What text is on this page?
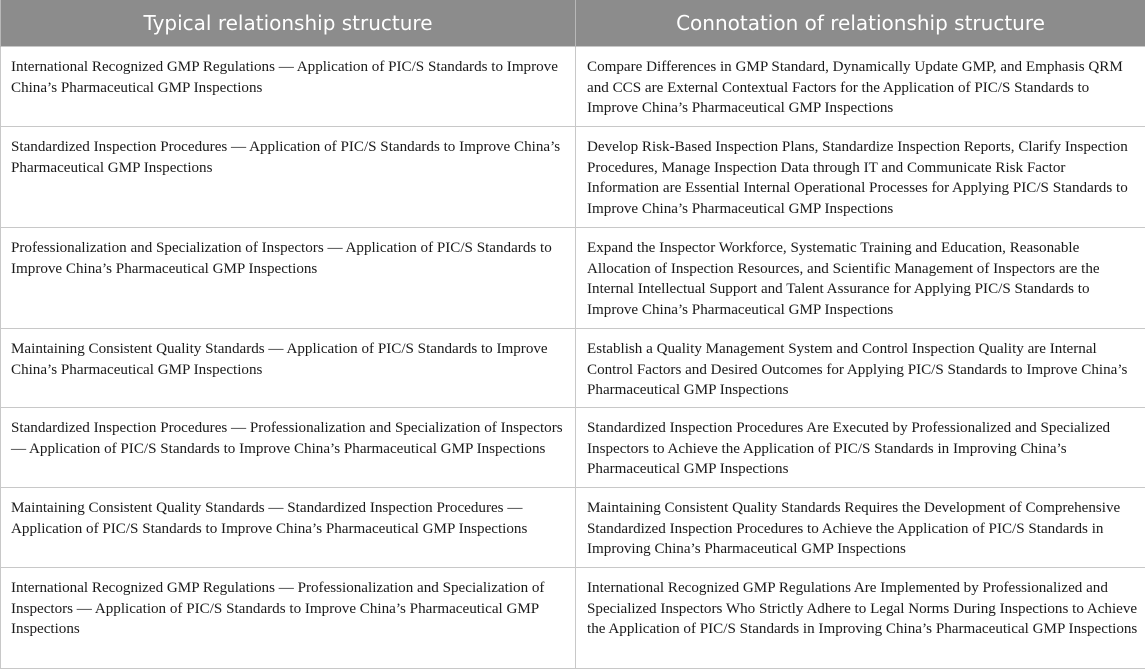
Typical relationship structure	Connotation of relationship structure
International Recognized GMP Regulations — Application of PIC/S Standards to Improve China’s Pharmaceutical GMP Inspections	Compare Differences in GMP Standard, Dynamically Update GMP, and Emphasis QRM and CCS are External Contextual Factors for the Application of PIC/S Standards to Improve China’s Pharmaceutical GMP Inspections
Standardized Inspection Procedures — Application of PIC/S Standards to Improve China’s Pharmaceutical GMP Inspections	Develop Risk-Based Inspection Plans, Standardize Inspection Reports, Clarify Inspection Procedures, Manage Inspection Data through IT and Communicate Risk Factor Information are Essential Internal Operational Processes for Applying PIC/S Standards to Improve China’s Pharmaceutical GMP Inspections
Professionalization and Specialization of Inspectors — Application of PIC/S Standards to Improve China’s Pharmaceutical GMP Inspections	Expand the Inspector Workforce, Systematic Training and Education, Reasonable Allocation of Inspection Resources, and Scientific Management of Inspectors are the Internal Intellectual Support and Talent Assurance for Applying PIC/S Standards to Improve China’s Pharmaceutical GMP Inspections
Maintaining Consistent Quality Standards — Application of PIC/S Standards to Improve China’s Pharmaceutical GMP Inspections	Establish a Quality Management System and Control Inspection Quality are Internal Control Factors and Desired Outcomes for Applying PIC/S Standards to Improve China’s Pharmaceutical GMP Inspections
Standardized Inspection Procedures — Professionalization and Specialization of Inspectors — Application of PIC/S Standards to Improve China’s Pharmaceutical GMP Inspections	Standardized Inspection Procedures Are Executed by Professionalized and Specialized Inspectors to Achieve the Application of PIC/S Standards in Improving China’s Pharmaceutical GMP Inspections
Maintaining Consistent Quality Standards — Standardized Inspection Procedures — Application of PIC/S Standards to Improve China’s Pharmaceutical GMP Inspections	Maintaining Consistent Quality Standards Requires the Development of Comprehensive Standardized Inspection Procedures to Achieve the Application of PIC/S Standards in Improving China’s Pharmaceutical GMP Inspections
International Recognized GMP Regulations — Professionalization and Specialization of Inspectors — Application of PIC/S Standards to Improve China’s Pharmaceutical GMP Inspections	International Recognized GMP Regulations Are Implemented by Professionalized and Specialized Inspectors Who Strictly Adhere to Legal Norms During Inspections to Achieve the Application of PIC/S Standards in Improving China’s Pharmaceutical GMP Inspections
